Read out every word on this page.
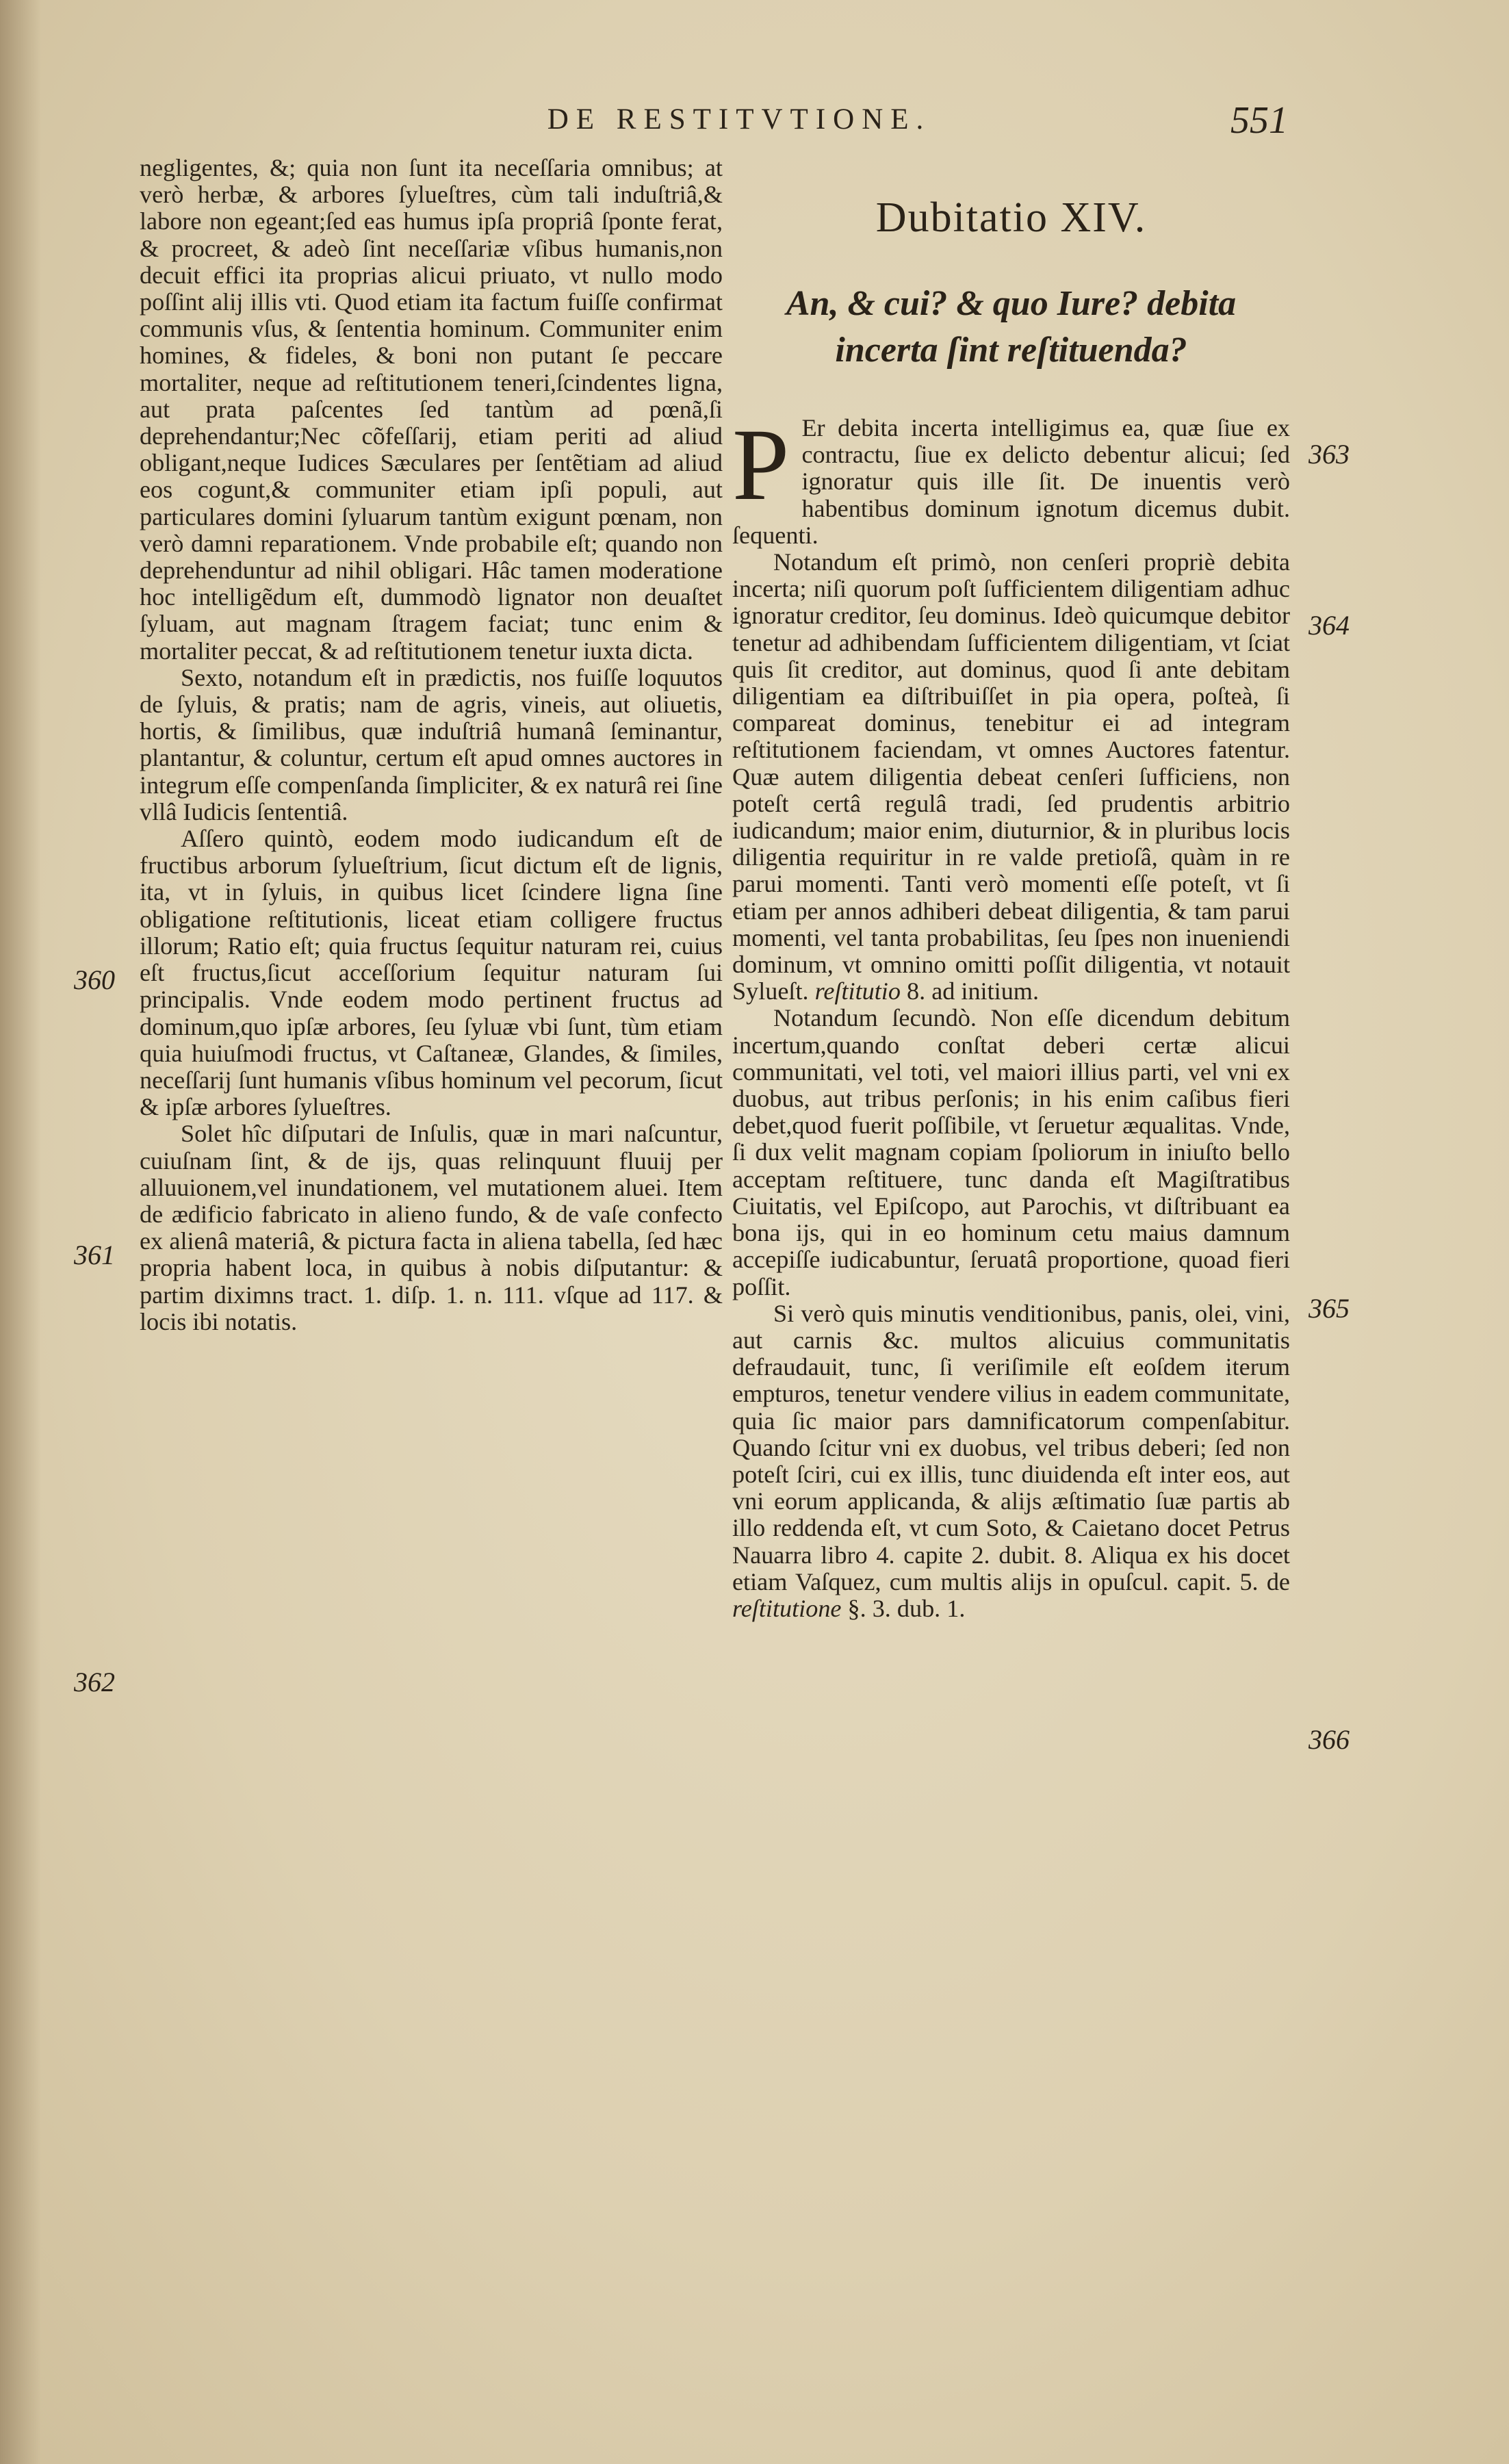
DE RESTITVTIONE.	551

negligentes, &; quia non ſunt ita neceſſaria omnibus; at verò herbæ, & arbores ſylueſtres, cùm tali induſtriâ,& labore non egeant;ſed eas humus ipſa propriâ ſponte ferat, & procreet, & adeò ſint neceſſariæ vſibus humanis,non decuit effici ita proprias alicui priuato, vt nullo modo poſſint alij illis vti. Quod etiam ita factum fuiſſe confirmat communis vſus, & ſententia hominum. Communiter enim homines, & fideles, & boni non putant ſe peccare mortaliter, neque ad reſtitutionem teneri,ſcindentes ligna, aut prata paſcentes ſed tantùm ad pœnã,ſi deprehendantur;Nec cõfeſſarij, etiam periti ad aliud obligant,neque Iudices Sæculares per ſentẽtiam ad aliud eos cogunt,& communiter etiam ipſi populi, aut particulares domini ſyluarum tantùm exigunt pœnam, non verò damni reparationem. Vnde probabile eſt; quando non deprehenduntur ad nihil obligari. Hâc tamen moderatione hoc intelligẽdum eſt, dummodò lignator non deuaſtet ſyluam, aut magnam ſtragem faciat; tunc enim & mortaliter peccat, & ad reſtitutionem tenetur iuxta dicta.

Sexto, notandum eſt in prædictis, nos fuiſſe loquutos de ſyluis, & pratis; nam de agris, vineis, aut oliuetis, hortis, & ſimilibus, quæ induſtriâ humanâ ſeminantur, plantantur, & coluntur, certum eſt apud omnes auctores in integrum eſſe compenſanda ſimpliciter, & ex naturâ rei ſine vllâ Iudicis ſententiâ.

Aſſero quintò, eodem modo iudicandum eſt de fructibus arborum ſylueſtrium, ſicut dictum eſt de lignis, ita, vt in ſyluis, in quibus licet ſcindere ligna ſine obligatione reſtitutionis, liceat etiam colligere fructus illorum; Ratio eſt; quia fructus ſequitur naturam rei, cuius eſt fructus,ſicut acceſſorium ſequitur naturam ſui principalis. Vnde eodem modo pertinent fructus ad dominum,quo ipſæ arbores, ſeu ſyluæ vbi ſunt, tùm etiam quia huiuſmodi fructus, vt Caſtaneæ, Glandes, & ſimiles, neceſſarij ſunt humanis vſibus hominum vel pecorum, ſicut & ipſæ arbores ſylueſtres.

Solet hîc diſputari de Inſulis, quæ in mari naſcuntur, cuiuſnam ſint, & de ijs, quas relinquunt fluuij per alluuionem,vel inundationem, vel mutationem aluei. Item de ædificio fabricato in alieno fundo, & de vaſe confecto ex alienâ materiâ, & pictura facta in aliena tabella, ſed hæc propria habent loca, in quibus à nobis diſputantur: & partim diximns tract. 1. diſp. 1. n. 111. vſque ad 117. & locis ibi notatis.

Dubitatio XIV.
An, & cui? & quo Iure? debita incerta ſint reſtituenda?

P Er debita incerta intelligimus ea, quæ ſiue ex contractu, ſiue ex delicto debentur alicui; ſed ignoratur quis ille ſit. De inuentis verò habentibus dominum ignotum dicemus dubit. ſequenti.

Notandum eſt primò, non cenſeri propriè debita incerta; niſi quorum poſt ſufficientem diligentiam adhuc ignoratur creditor, ſeu dominus. Ideò quicumque debitor tenetur ad adhibendam ſufficientem diligentiam, vt ſciat quis ſit creditor, aut dominus, quod ſi ante debitam diligentiam ea diſtribuiſſet in pia opera, poſteà, ſi compareat dominus, tenebitur ei ad integram reſtitutionem faciendam, vt omnes Auctores fatentur. Quæ autem diligentia debeat cenſeri ſufficiens, non poteſt certâ regulâ tradi, ſed prudentis arbitrio iudicandum; maior enim, diuturnior, & in pluribus locis diligentia requiritur in re valde pretioſâ, quàm in re parui momenti. Tanti verò momenti eſſe poteſt, vt ſi etiam per annos adhiberi debeat diligentia, & tam parui momenti, vel tanta probabilitas, ſeu ſpes non inueniendi dominum, vt omnino omitti poſſit diligentia, vt notauit Sylueſt. reſtitutio 8. ad initium.

Notandum ſecundò. Non eſſe dicendum debitum incertum,quando conſtat deberi certæ alicui communitati, vel toti, vel maiori illius parti, vel vni ex duobus, aut tribus perſonis; in his enim caſibus fieri debet,quod fuerit poſſibile, vt ſeruetur æqualitas. Vnde, ſi dux velit magnam copiam ſpoliorum in iniuſto bello acceptam reſtituere, tunc danda eſt Magiſtratibus Ciuitatis, vel Epiſcopo, aut Parochis, vt diſtribuant ea bona ijs, qui in eo hominum cetu maius damnum accepiſſe iudicabuntur, ſeruatâ proportione, quoad fieri poſſit.

Si verò quis minutis venditionibus, panis, olei, vini, aut carnis &c. multos alicuius communitatis defraudauit, tunc, ſi veriſimile eſt eoſdem iterum empturos, tenetur vendere vilius in eadem communitate, quia ſic maior pars damnificatorum compenſabitur. Quando ſcitur vni ex duobus, vel tribus deberi; ſed non poteſt ſciri, cui ex illis, tunc diuidenda eſt inter eos, aut vni eorum applicanda, & alijs æſtimatio ſuæ partis ab illo reddenda eſt, vt cum Soto, & Caietano docet Petrus Nauarra libro 4. capite 2. dubit. 8. Aliqua ex his docet etiam Vaſquez, cum multis alijs in opuſcul. capit. 5. de reſtitutione §. 3. dub. 1.

360
361
362
363
364
365
366
